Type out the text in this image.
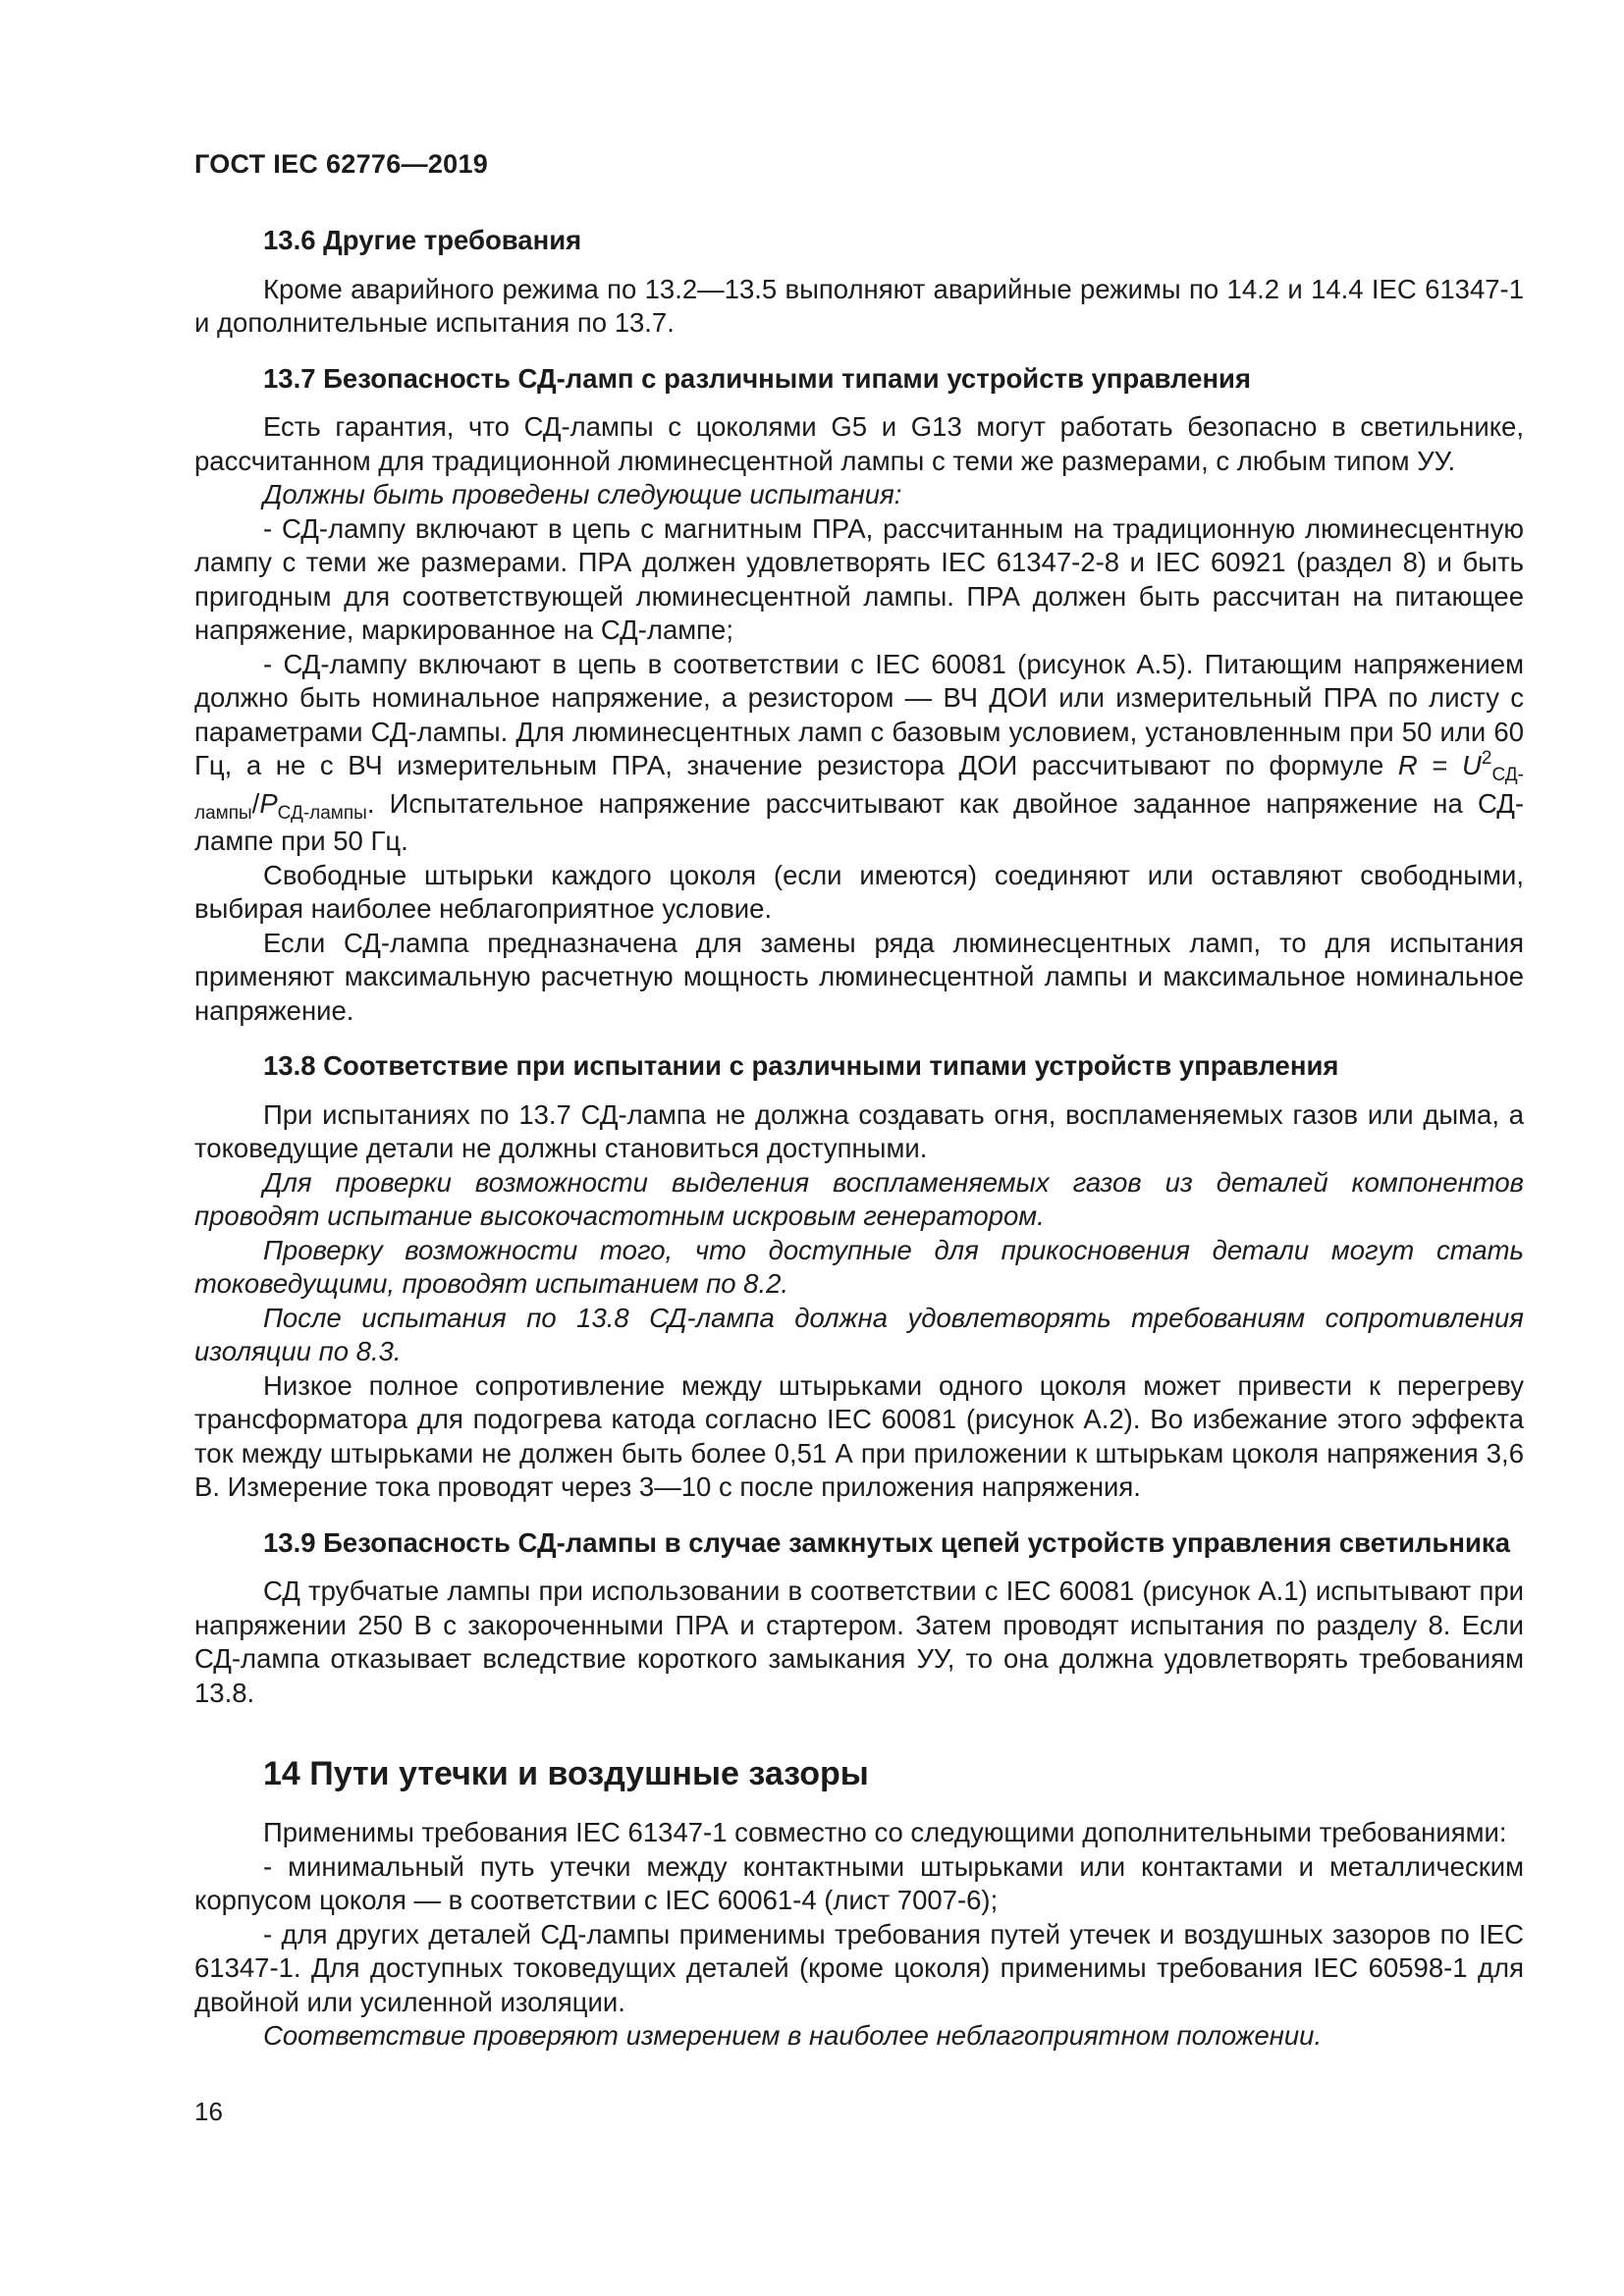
ГОСТ IEC 62776—2019
13.6 Другие требования

Кроме аварийного режима по 13.2—13.5 выполняют аварийные режимы по 14.2 и 14.4 IEC 61347-1 и дополнительные испытания по 13.7.

13.7 Безопасность СД-ламп с различными типами устройств управления

Есть гарантия, что СД-лампы с цоколями G5 и G13 могут работать безопасно в светильнике, рассчитанном для традиционной люминесцентной лампы с теми же размерами, с любым типом УУ.

Должны быть проведены следующие испытания:

- СД-лампу включают в цепь с магнитным ПРА, рассчитанным на традиционную люминесцентную лампу с теми же размерами. ПРА должен удовлетворять IEC 61347-2-8 и IEC 60921 (раздел 8) и быть пригодным для соответствующей люминесцентной лампы. ПРА должен быть рассчитан на питающее напряжение, маркированное на СД-лампе;

- СД-лампу включают в цепь в соответствии с IEC 60081 (рисунок А.5). Питающим напряжением должно быть номинальное напряжение, а резистором — ВЧ ДОИ или измерительный ПРА по листу с параметрами СД-лампы. Для люминесцентных ламп с базовым условием, установленным при 50 или 60 Гц, а не с ВЧ измерительным ПРА, значение резистора ДОИ рассчитывают по формуле $R = U^2_{СД-лампы}/P_{СД-лампы}$. Испытательное напряжение рассчитывают как двойное заданное напряжение на СД-лампе при 50 Гц.

Свободные штырьки каждого цоколя (если имеются) соединяют или оставляют свободными, выбирая наиболее неблагоприятное условие.

Если СД-лампа предназначена для замены ряда люминесцентных ламп, то для испытания применяют максимальную расчетную мощность люминесцентной лампы и максимальное номинальное напряжение.

13.8 Соответствие при испытании с различными типами устройств управления

При испытаниях по 13.7 СД-лампа не должна создавать огня, воспламеняемых газов или дыма, а токоведущие детали не должны становиться доступными.

Для проверки возможности выделения воспламеняемых газов из деталей компонентов проводят испытание высокочастотным искровым генератором.

Проверку возможности того, что доступные для прикосновения детали могут стать токоведущими, проводят испытанием по 8.2.

После испытания по 13.8 СД-лампа должна удовлетворять требованиям сопротивления изоляции по 8.3.

Низкое полное сопротивление между штырьками одного цоколя может привести к перегреву трансформатора для подогрева катода согласно IEC 60081 (рисунок А.2). Во избежание этого эффекта ток между штырьками не должен быть более 0,51 А при приложении к штырькам цоколя напряжения 3,6 В. Измерение тока проводят через 3—10 с после приложения напряжения.

13.9 Безопасность СД-лампы в случае замкнутых цепей устройств управления светильника

СД трубчатые лампы при использовании в соответствии с IEC 60081 (рисунок А.1) испытывают при напряжении 250 В с закороченными ПРА и стартером. Затем проводят испытания по разделу 8. Если СД-лампа отказывает вследствие короткого замыкания УУ, то она должна удовлетворять требованиям 13.8.

14 Пути утечки и воздушные зазоры

Применимы требования IEC 61347-1 совместно со следующими дополнительными требованиями:

- минимальный путь утечки между контактными штырьками или контактами и металлическим корпусом цоколя — в соответствии с IEC 60061-4 (лист 7007-6);

- для других деталей СД-лампы применимы требования путей утечек и воздушных зазоров по IEC 61347-1. Для доступных токоведущих деталей (кроме цоколя) применимы требования IEC 60598-1 для двойной или усиленной изоляции.

Соответствие проверяют измерением в наиболее неблагоприятном положении.

16
